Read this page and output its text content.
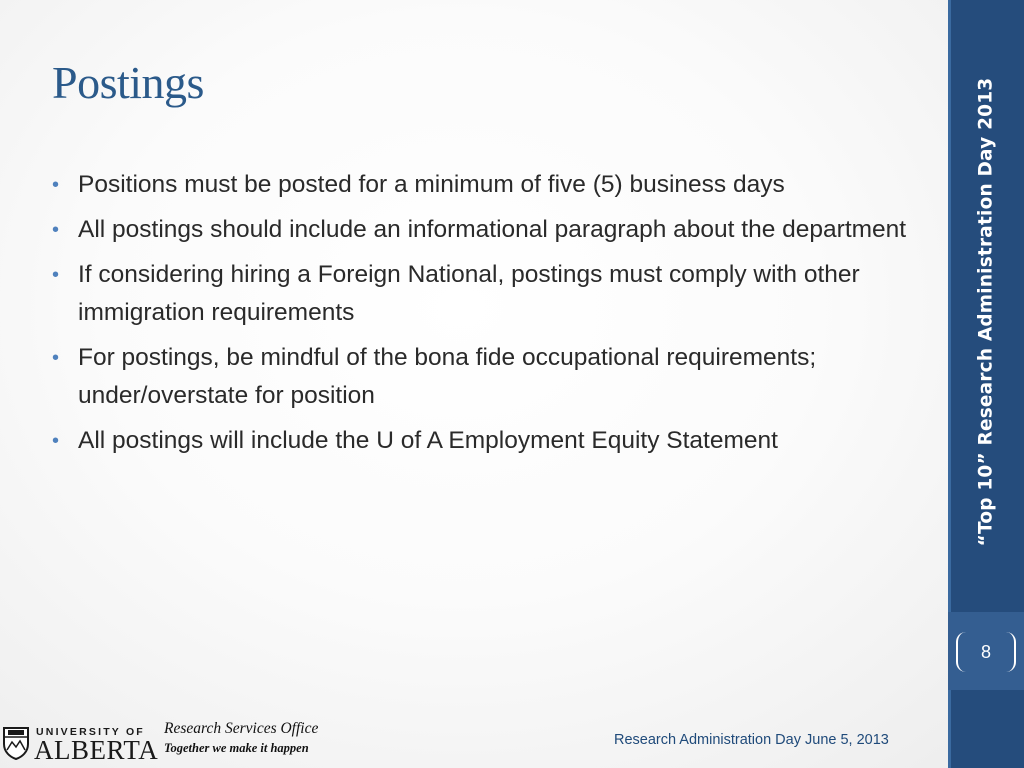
Postings
• Positions must be posted for a minimum of five (5) business days
• All postings should include an informational paragraph about the department
• If considering hiring a Foreign National, postings must comply with other immigration requirements
• For postings, be mindful of the bona fide occupational requirements; under/overstate for position
• All postings will include the U of A Employment Equity Statement	“Top 10” Research Administration Day 2013
8
UNIVERSITY OF
ALBERTA
Research Services Office
Together we make it happen	Research Administration Day June 5, 2013
